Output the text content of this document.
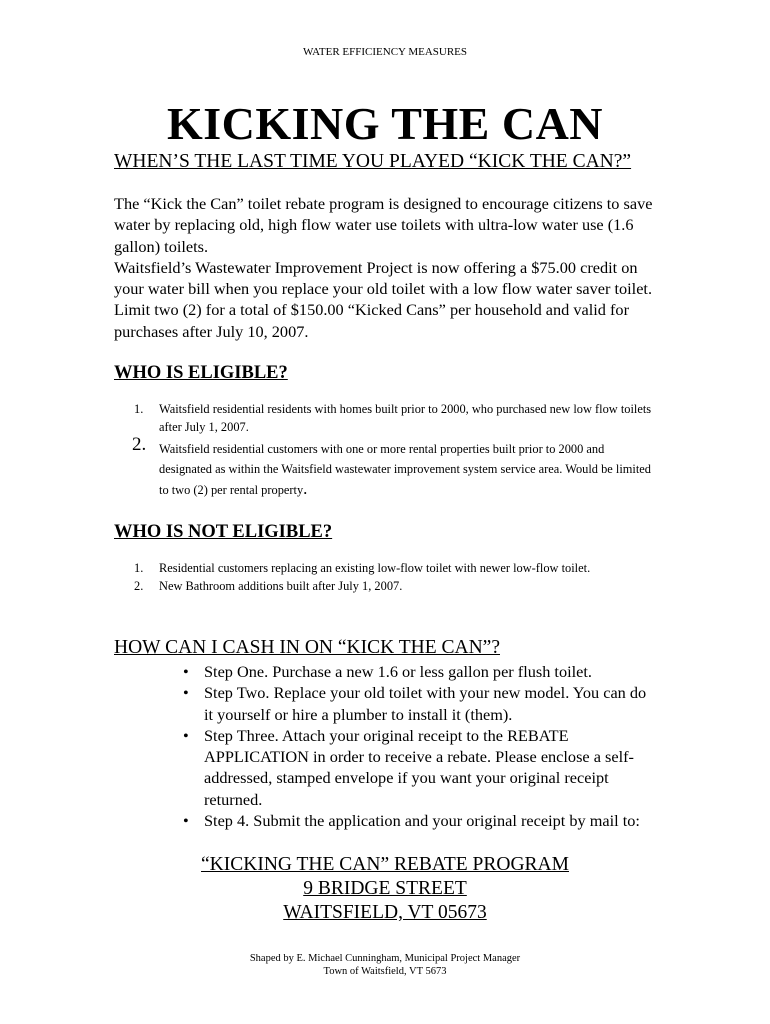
WATER EFFICIENCY MEASURES
KICKING THE CAN
WHEN’S THE LAST TIME YOU PLAYED “KICK THE CAN?”

The “Kick the Can” toilet rebate program is designed to encourage citizens to save water by replacing old, high flow water use toilets with ultra-low water use (1.6 gallon) toilets.

Waitsfield’s Wastewater Improvement Project is now offering a $75.00 credit on your water bill when you replace your old toilet with a low flow water saver toilet. Limit two (2) for a total of $150.00 “Kicked Cans” per household and valid for purchases after July 10, 2007.

WHO IS ELIGIBLE?
1.	Waitsfield residential residents with homes built prior to 2000, who purchased new low flow toilets after July 1, 2007.
2.	Waitsfield residential customers with one or more rental properties built prior to 2000 and designated as within the Waitsfield wastewater improvement system service area. Would be limited to two (2) per rental property.
WHO IS NOT ELIGIBLE?
1.	Residential customers replacing an existing low-flow toilet with newer low-flow toilet.
2.	New Bathroom additions built after July 1, 2007.
HOW CAN I CASH IN ON “KICK THE CAN”?
• Step One. Purchase a new 1.6 or less gallon per flush toilet.
• Step Two. Replace your old toilet with your new model. You can do it yourself or hire a plumber to install it (them).
• Step Three. Attach your original receipt to the REBATE APPLICATION in order to receive a rebate. Please enclose a self-addressed, stamped envelope if you want your original receipt returned.
• Step 4. Submit the application and your original receipt by mail to:
“KICKING THE CAN” REBATE PROGRAM
9 BRIDGE STREET
WAITSFIELD, VT 05673
Shaped by E. Michael Cunningham, Municipal Project Manager
Town of Waitsfield, VT 5673
